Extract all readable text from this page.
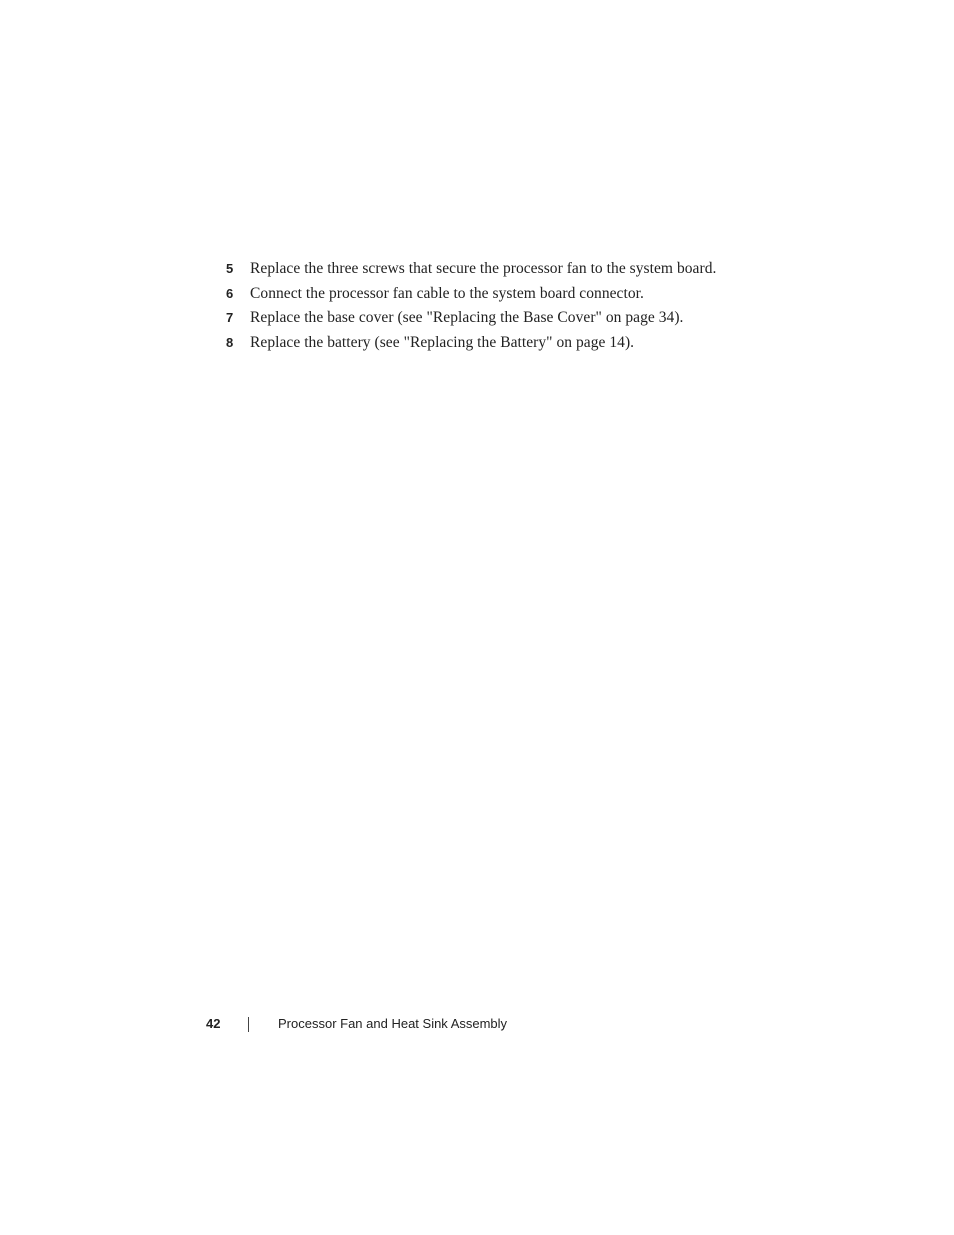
5 Replace the three screws that secure the processor fan to the system board.
6 Connect the processor fan cable to the system board connector.
7 Replace the base cover (see "Replacing the Base Cover" on page 34).
8 Replace the battery (see "Replacing the Battery" on page 14).
42	Processor Fan and Heat Sink Assembly
